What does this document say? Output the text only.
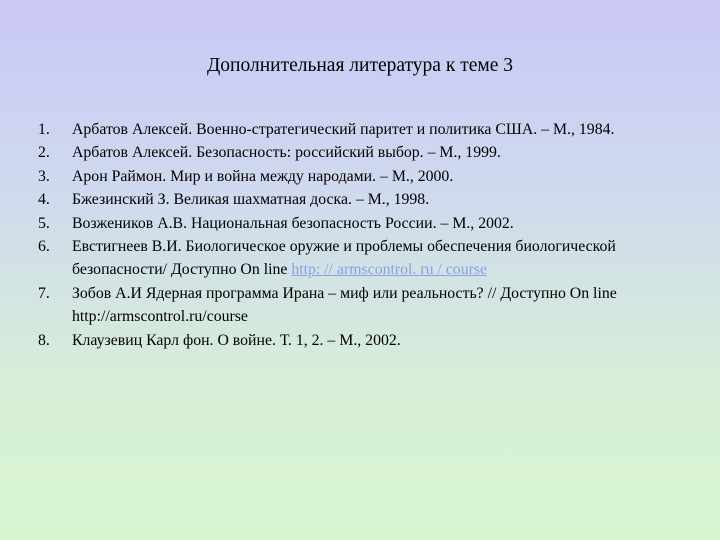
Дополнительная литература к теме 3
1.	Арбатов Алексей. Военно-стратегический паритет и политика США. – М., 1984.
2.	Арбатов Алексей. Безопасность: российский выбор. – М., 1999.
3.	Арон Раймон. Мир и война между народами. – М., 2000.
4.	Бжезинский З. Великая шахматная доска. – М., 1998.
5.	Возжеников А.В. Национальная безопасность России. – М., 2002.
6.	Евстигнеев В.И. Биологическое оружие и проблемы обеспечения биологической безопасности/ Доступно On line http: // armscontrol. ru / course
7.	Зобов А.И Ядерная программа Ирана – миф или реальность? // Доступно On line http://armscontrol.ru/course
8.	Клаузевиц Карл фон. О войне. Т. 1, 2. – М., 2002.
